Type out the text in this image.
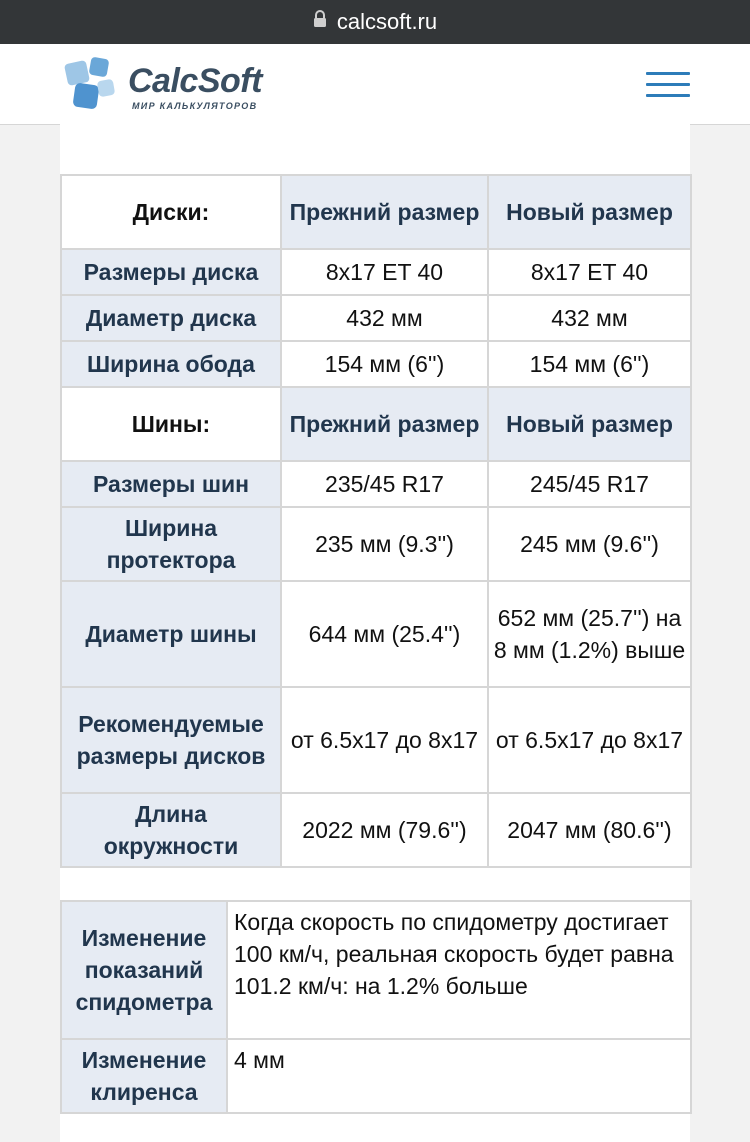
calcsoft.ru
CalcSoft
МИР КАЛЬКУЛЯТОРОВ
Диски:	Прежний размер	Новый размер
Размеры диска	8x17 ET 40	8x17 ET 40
Диаметр диска	432 мм	432 мм
Ширина обода	154 мм (6'')	154 мм (6'')
Шины:	Прежний размер	Новый размер
Размеры шин	235/45 R17	245/45 R17
Ширина протектора	235 мм (9.3'')	245 мм (9.6'')
Диаметр шины	644 мм (25.4'')	652 мм (25.7'') на 8 мм (1.2%) выше
Рекомендуемые размеры дисков	от 6.5x17 до 8x17	от 6.5x17 до 8x17
Длина окружности	2022 мм (79.6'')	2047 мм (80.6'')
Изменение показаний спидометра	Когда скорость по спидометру достигает 100 км/ч, реальная скорость будет равна 101.2 км/ч: на 1.2% больше
Изменение клиренса	4 мм
